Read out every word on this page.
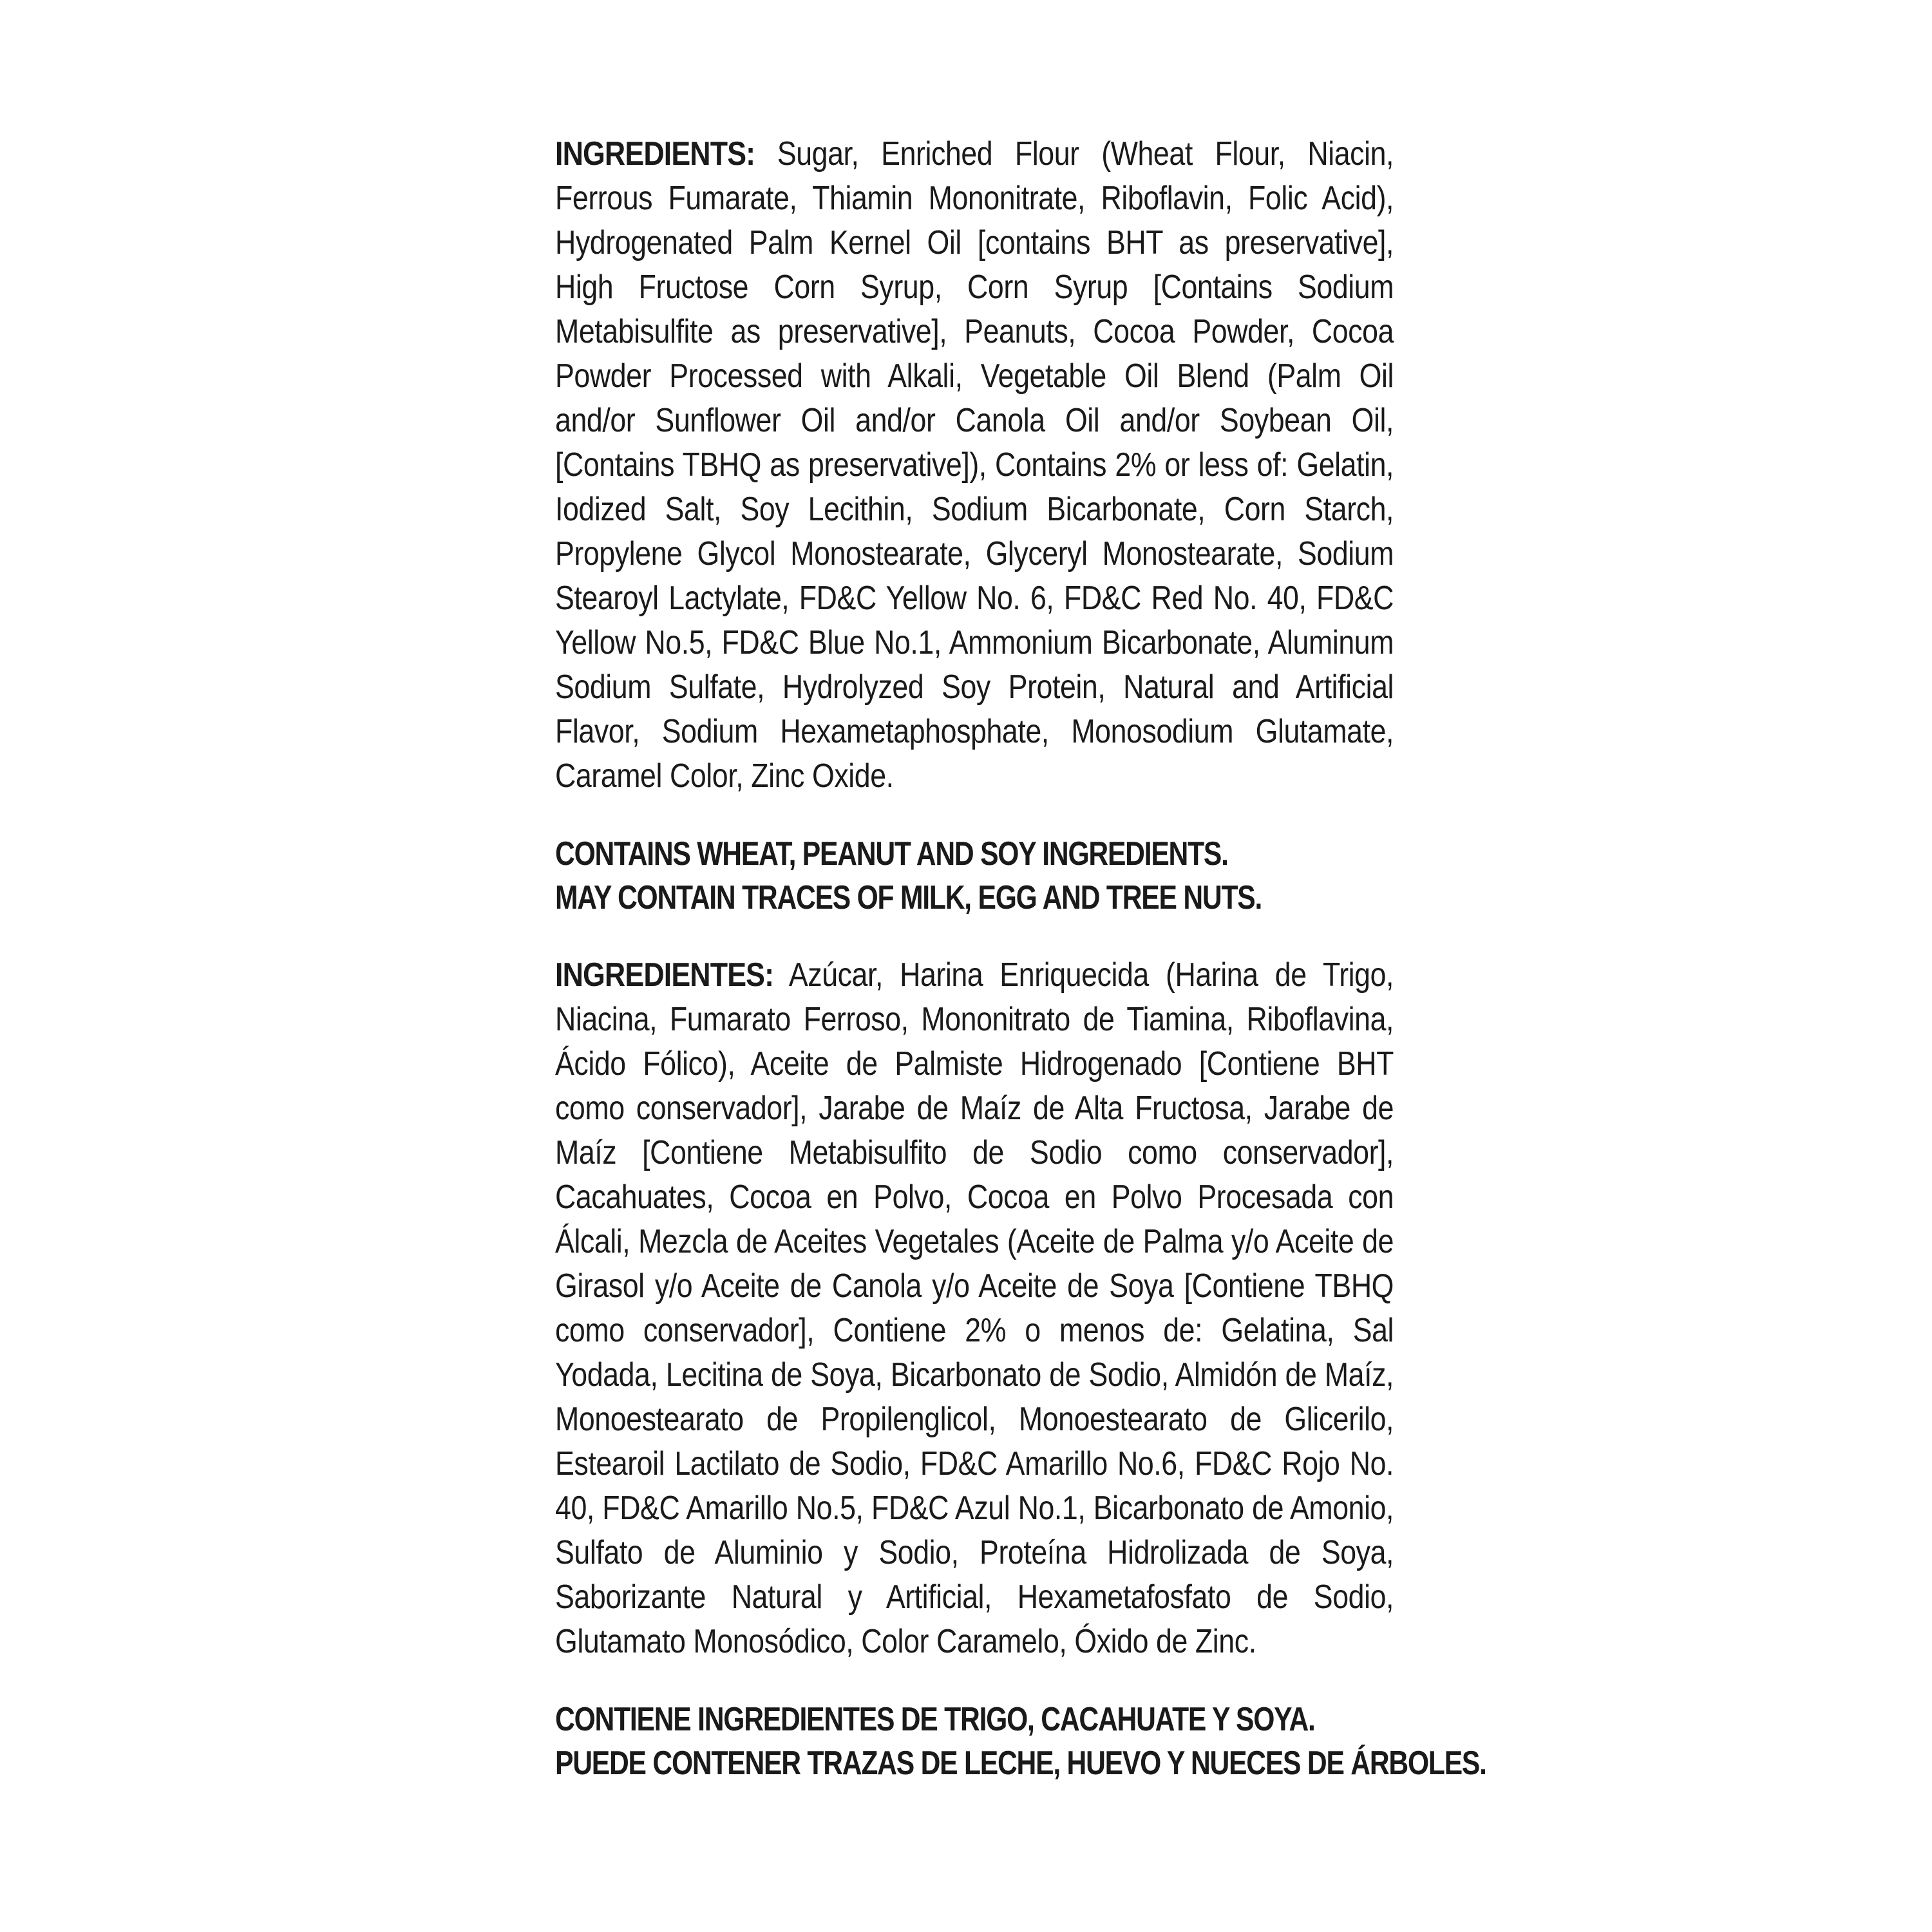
INGREDIENTS: Sugar, Enriched Flour (Wheat Flour, Niacin, Ferrous Fumarate, Thiamin Mononitrate, Riboflavin, Folic Acid), Hydrogenated Palm Kernel Oil [contains BHT as preservative], High Fructose Corn Syrup, Corn Syrup [Contains Sodium Metabisulfite as preservative], Peanuts, Cocoa Powder, Cocoa Powder Processed with Alkali, Vegetable Oil Blend (Palm Oil and/or Sunflower Oil and/or Canola Oil and/or Soybean Oil, [Contains TBHQ as preservative]), Contains 2% or less of: Gelatin, Iodized Salt, Soy Lecithin, Sodium Bicarbonate, Corn Starch, Propylene Glycol Monostearate, Glyceryl Monostearate, Sodium Stearoyl Lactylate, FD&C Yellow No. 6, FD&C Red No. 40, FD&C Yellow No.5, FD&C Blue No.1, Ammonium Bicarbonate, Aluminum Sodium Sulfate, Hydrolyzed Soy Protein, Natural and Artificial Flavor, Sodium Hexametaphosphate, Monosodium Glutamate, Caramel Color, Zinc Oxide.

CONTAINS WHEAT, PEANUT AND SOY INGREDIENTS.

MAY CONTAIN TRACES OF MILK, EGG AND TREE NUTS.

INGREDIENTES: Azúcar, Harina Enriquecida (Harina de Trigo, Niacina, Fumarato Ferroso, Mononitrato de Tiamina, Riboflavina, Ácido Fólico), Aceite de Palmiste Hidrogenado [Contiene BHT como conservador], Jarabe de Maíz de Alta Fructosa, Jarabe de Maíz [Contiene Metabisulfito de Sodio como conservador], Cacahuates, Cocoa en Polvo, Cocoa en Polvo Procesada con Álcali, Mezcla de Aceites Vegetales (Aceite de Palma y/o Aceite de Girasol y/o Aceite de Canola y/o Aceite de Soya [Contiene TBHQ como conservador], Contiene 2% o menos de: Gelatina, Sal Yodada, Lecitina de Soya, Bicarbonato de Sodio, Almidón de Maíz, Monoestearato de Propilenglicol, Monoestearato de Glicerilo, Estearoil Lactilato de Sodio, FD&C Amarillo No.6, FD&C Rojo No. 40, FD&C Amarillo No.5, FD&C Azul No.1, Bicarbonato de Amonio, Sulfato de Aluminio y Sodio, Proteína Hidrolizada de Soya, Saborizante Natural y Artificial, Hexametafosfato de Sodio, Glutamato Monosódico, Color Caramelo, Óxido de Zinc.

CONTIENE INGREDIENTES DE TRIGO, CACAHUATE Y SOYA.

PUEDE CONTENER TRAZAS DE LECHE, HUEVO Y NUECES DE ÁRBOLES.
